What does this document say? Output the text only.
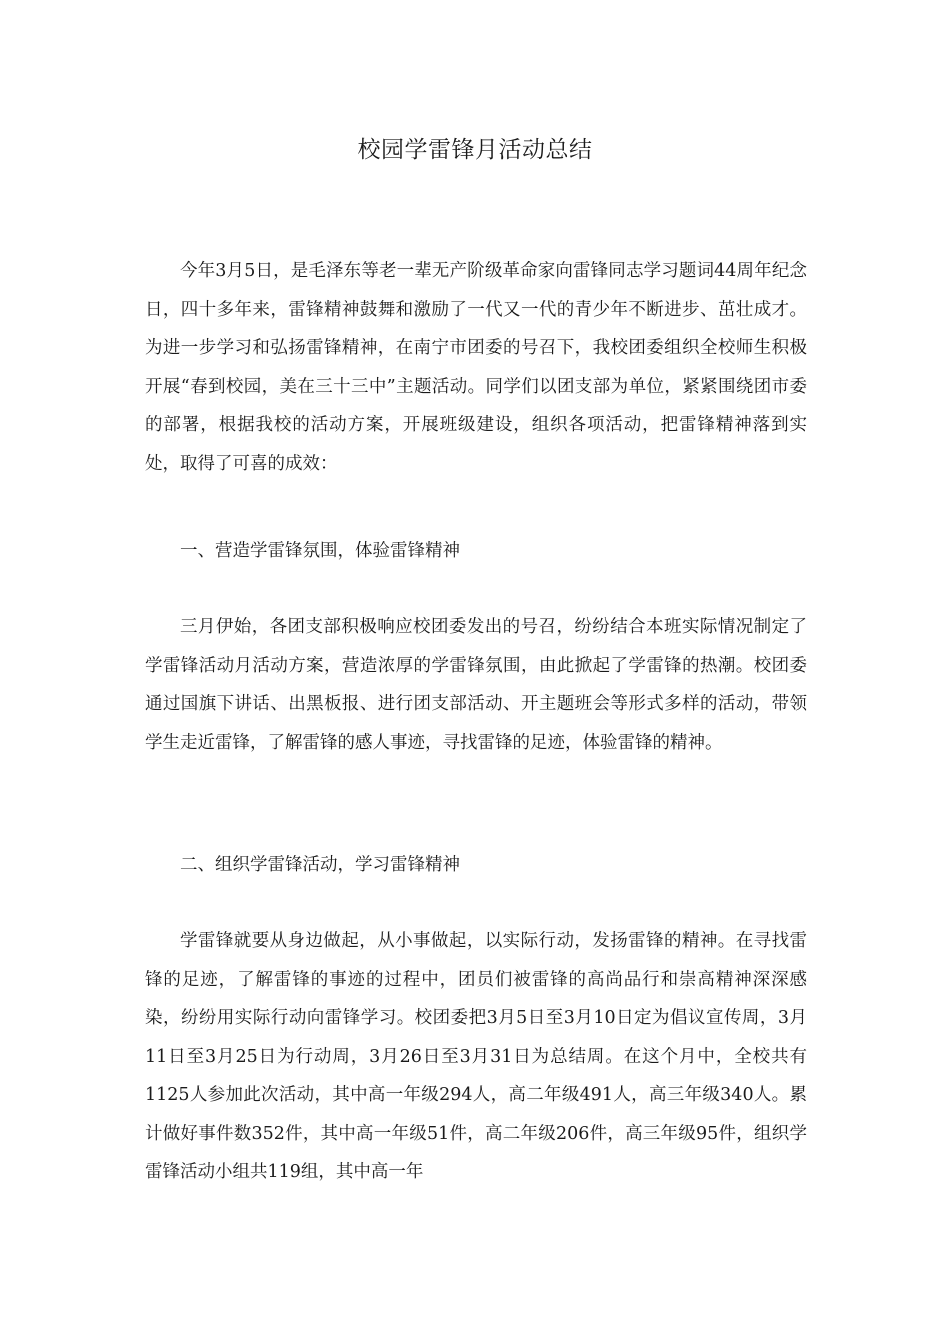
校园学雷锋月活动总结
今年3月5日，是毛泽东等老一辈无产阶级革命家向雷锋同志学习题词44周年纪念日，四十多年来，雷锋精神鼓舞和激励了一代又一代的青少年不断进步、茁壮成才。为进一步学习和弘扬雷锋精神，在南宁市团委的号召下，我校团委组织全校师生积极开展“春到校园，美在三十三中”主题活动。同学们以团支部为单位，紧紧围绕团市委的部署，根据我校的活动方案，开展班级建设，组织各项活动，把雷锋精神落到实处，取得了可喜的成效：
一、营造学雷锋氛围，体验雷锋精神
三月伊始，各团支部积极响应校团委发出的号召，纷纷结合本班实际情况制定了学雷锋活动月活动方案，营造浓厚的学雷锋氛围，由此掀起了学雷锋的热潮。校团委通过国旗下讲话、出黑板报、进行团支部活动、开主题班会等形式多样的活动，带领学生走近雷锋，了解雷锋的感人事迹，寻找雷锋的足迹，体验雷锋的精神。
二、组织学雷锋活动，学习雷锋精神
学雷锋就要从身边做起，从小事做起，以实际行动，发扬雷锋的精神。在寻找雷锋的足迹，了解雷锋的事迹的过程中，团员们被雷锋的高尚品行和崇高精神深深感染，纷纷用实际行动向雷锋学习。校团委把3月5日至3月10日定为倡议宣传周，3月11日至3月25日为行动周，3月26日至3月31日为总结周。在这个月中，全校共有1125人参加此次活动，其中高一年级294人，高二年级491人，高三年级340人。累计做好事件数352件，其中高一年级51件，高二年级206件，高三年级95件，组织学雷锋活动小组共119组，其中高一年
